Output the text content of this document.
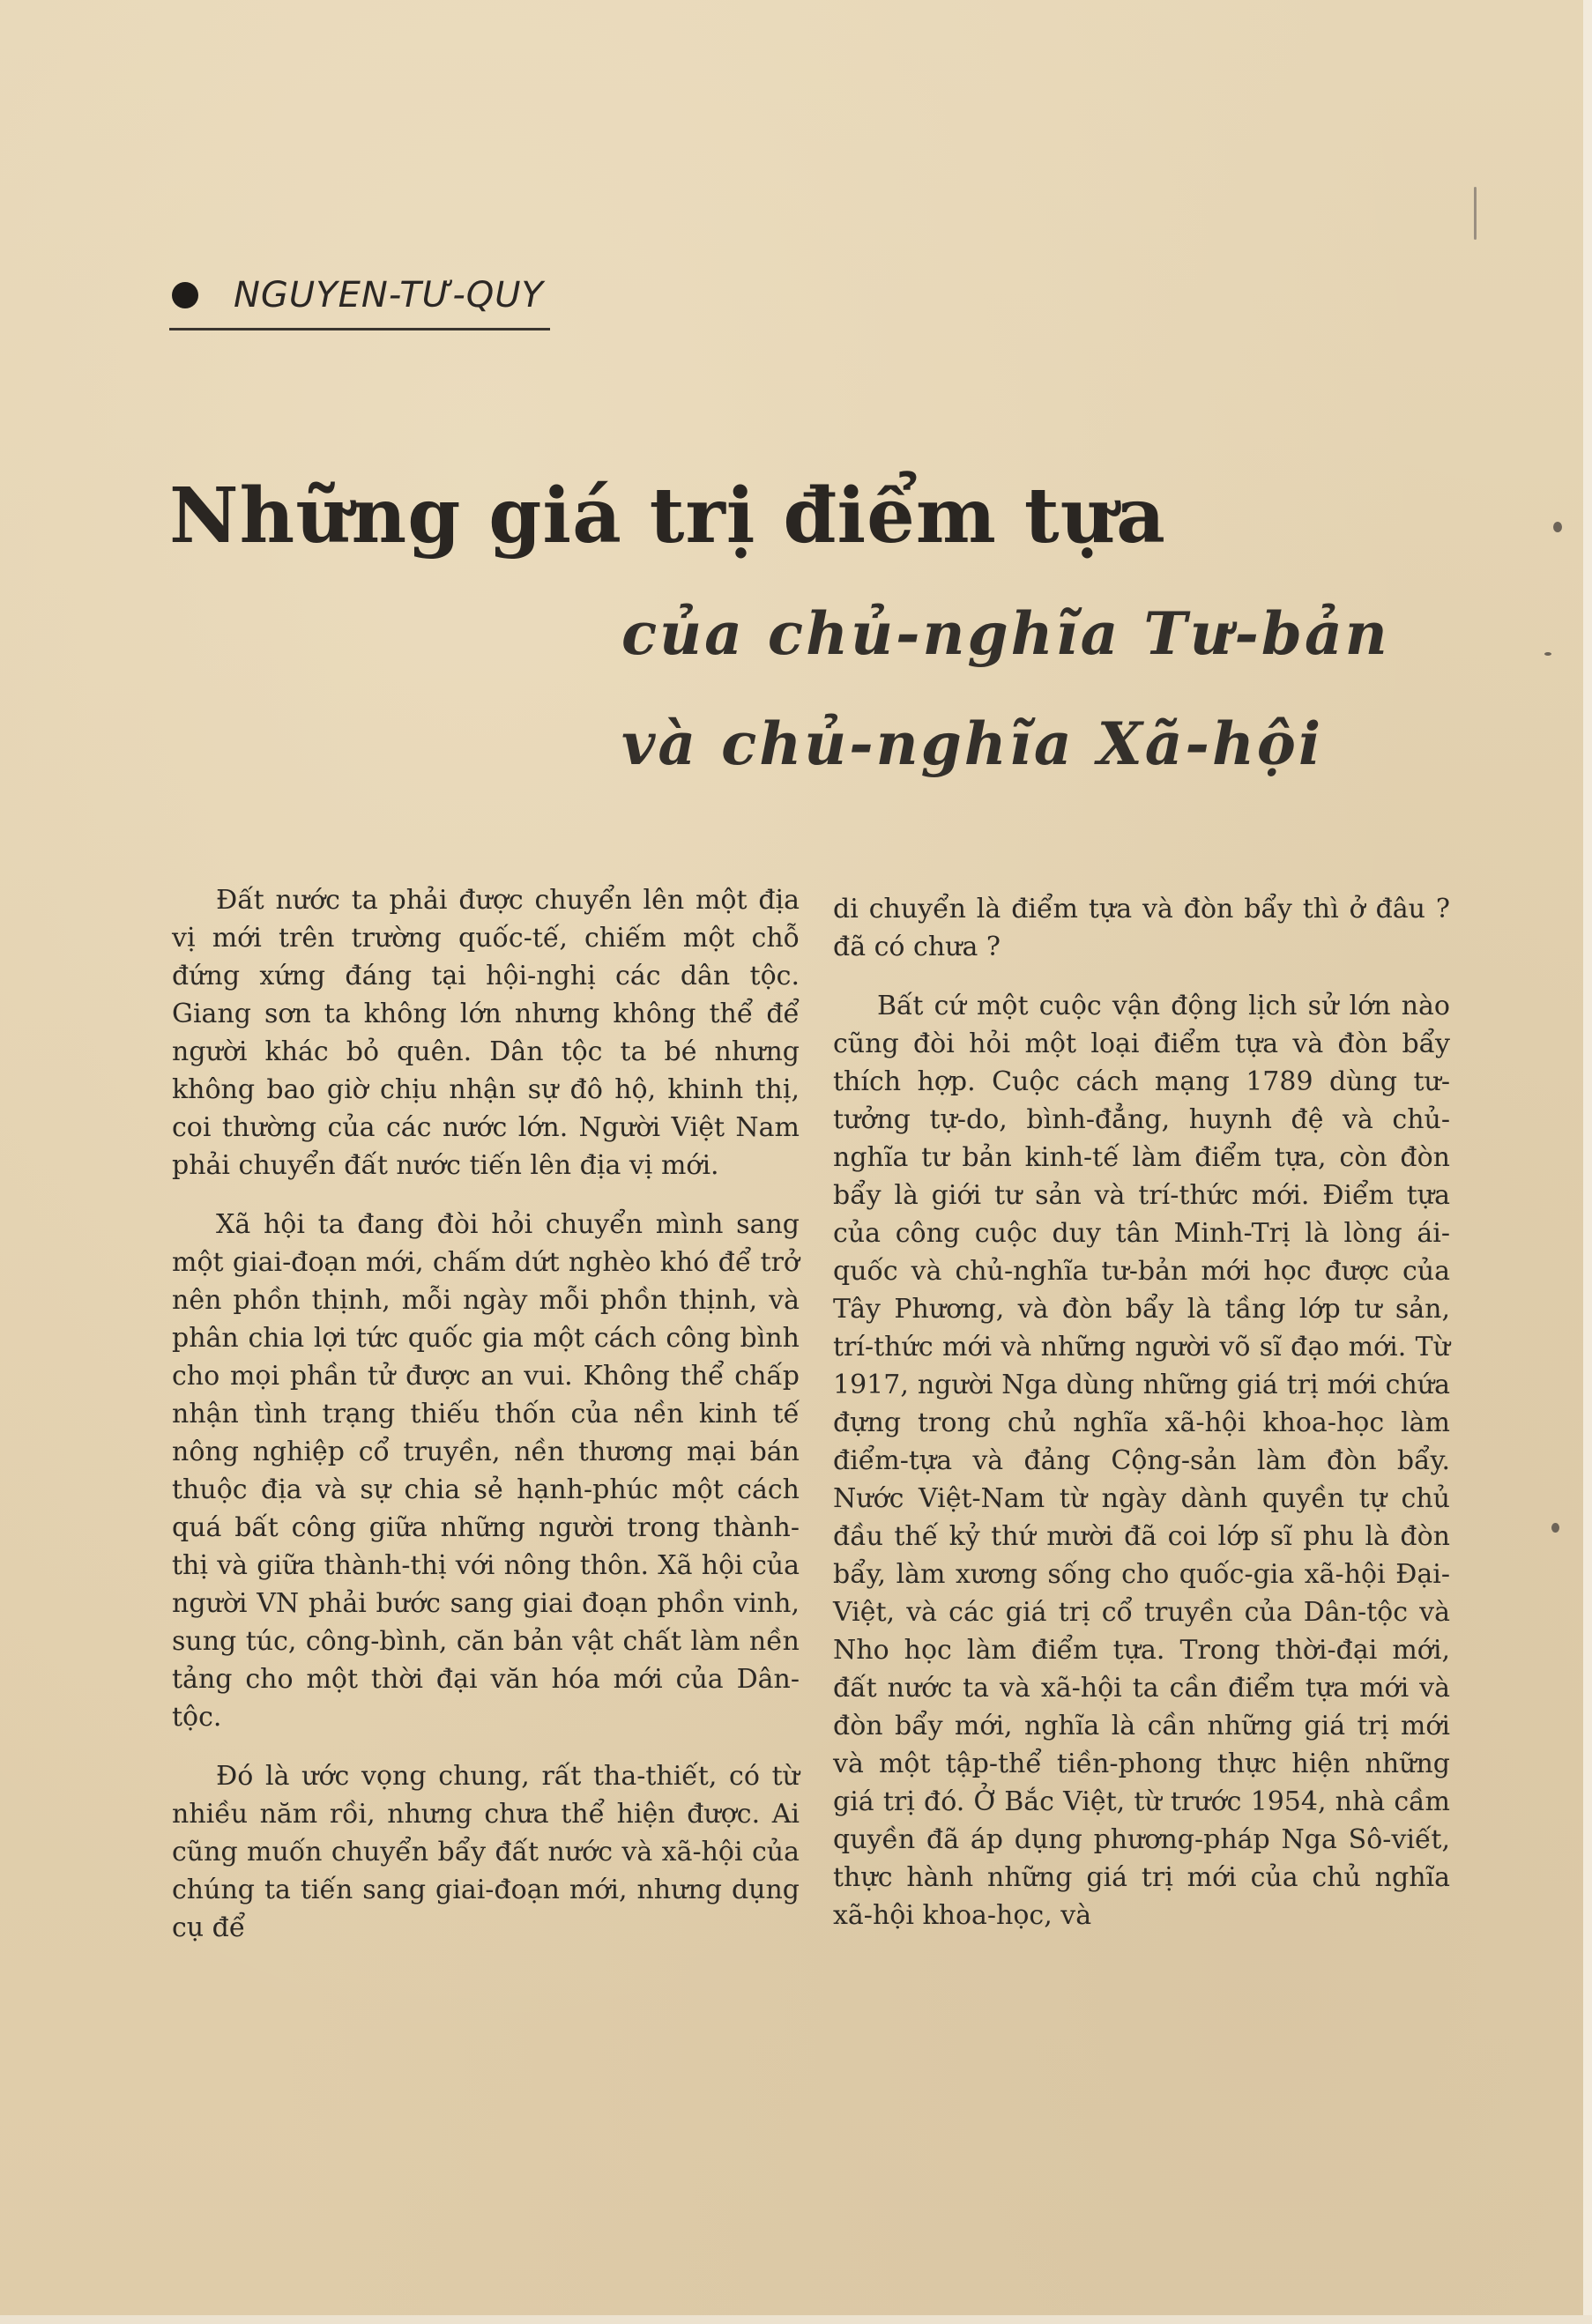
NGUYEN-TƯ-QUY
Những giá trị điểm tựa
của chủ-nghĩa Tư-bản
và chủ-nghĩa Xã-hội

Đất nước ta phải được chuyển lên một địa vị mới trên trường quốc-tế, chiếm một chỗ đứng xứng đáng tại hội-nghị các dân tộc. Giang sơn ta không lớn nhưng không thể để người khác bỏ quên. Dân tộc ta bé nhưng không bao giờ chịu nhận sự đô hộ, khinh thị, coi thường của các nước lớn. Người Việt Nam phải chuyển đất nước tiến lên địa vị mới.

Xã hội ta đang đòi hỏi chuyển mình sang một giai-đoạn mới, chấm dứt nghèo khó để trở nên phồn thịnh, mỗi ngày mỗi phồn thịnh, và phân chia lợi tức quốc gia một cách công bình cho mọi phần tử được an vui. Không thể chấp nhận tình trạng thiếu thốn của nền kinh tế nông nghiệp cổ truyền, nền thương mại bán thuộc địa và sự chia sẻ hạnh-phúc một cách quá bất công giữa những người trong thành-thị và giữa thành-thị với nông thôn. Xã hội của người VN phải bước sang giai đoạn phồn vinh, sung túc, công-bình, căn bản vật chất làm nền tảng cho một thời đại văn hóa mới của Dân-tộc.

Đó là ước vọng chung, rất tha-thiết, có từ nhiều năm rồi, nhưng chưa thể hiện được. Ai cũng muốn chuyển bẩy đất nước và xã-hội của chúng ta tiến sang giai-đoạn mới, nhưng dụng cụ để

di chuyển là điểm tựa và đòn bẩy thì ở đâu ? đã có chưa ?

Bất cứ một cuộc vận động lịch sử lớn nào cũng đòi hỏi một loại điểm tựa và đòn bẩy thích hợp. Cuộc cách mạng 1789 dùng tư-tưởng tự-do, bình-đẳng, huynh đệ và chủ-nghĩa tư bản kinh-tế làm điểm tựa, còn đòn bẩy là giới tư sản và trí-thức mới. Điểm tựa của công cuộc duy tân Minh-Trị là lòng ái-quốc và chủ-nghĩa tư-bản mới học được của Tây Phương, và đòn bẩy là tầng lớp tư sản, trí-thức mới và những người võ sĩ đạo mới. Từ 1917, người Nga dùng những giá trị mới chứa đựng trong chủ nghĩa xã-hội khoa-học làm điểm-tựa và đảng Cộng-sản làm đòn bẩy. Nước Việt-Nam từ ngày dành quyền tự chủ đầu thế kỷ thứ mười đã coi lớp sĩ phu là đòn bẩy, làm xương sống cho quốc-gia xã-hội Đại-Việt, và các giá trị cổ truyền của Dân-tộc và Nho học làm điểm tựa. Trong thời-đại mới, đất nước ta và xã-hội ta cần điểm tựa mới và đòn bẩy mới, nghĩa là cần những giá trị mới và một tập-thể tiền-phong thực hiện những giá trị đó. Ở Bắc Việt, từ trước 1954, nhà cầm quyền đã áp dụng phương-pháp Nga Sô-viết, thực hành những giá trị mới của chủ nghĩa xã-hội khoa-học, và
